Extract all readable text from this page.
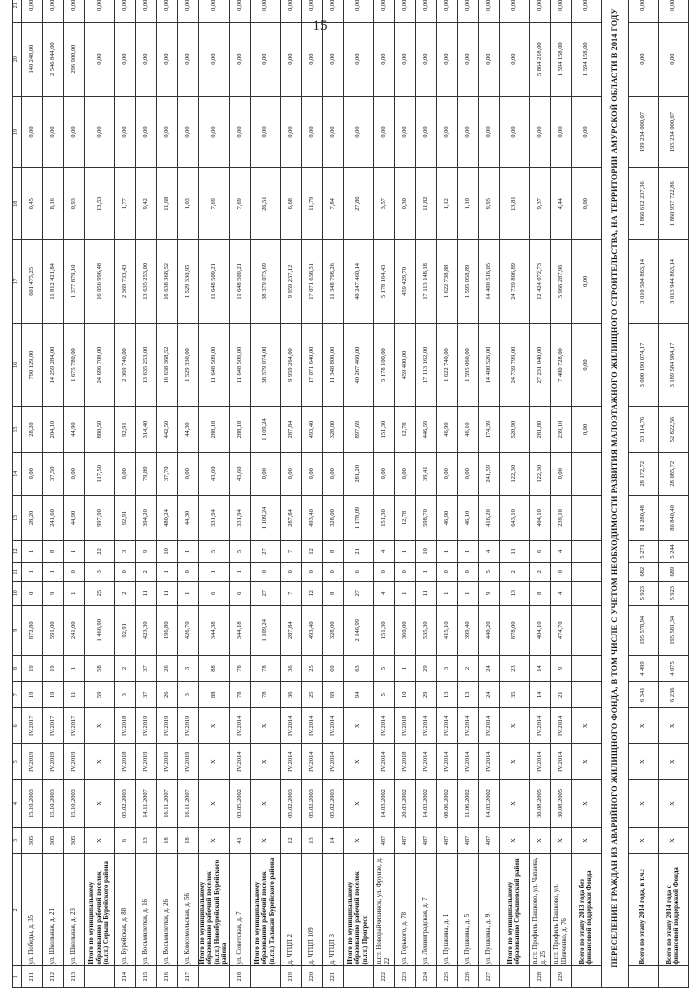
15
1	2	3	4	5	6	7	8	9	10	11	12	13	14	15	16	17	18	19	20	21
211	ул. Победы, д. 35	305	15.10.2003	IV.2019	IV.2017	19	19	872,80	0	1	1	28,20	0,00	28,20	790 129,00	601 475,25	0,45	0,00	140 248,00	0,00
212	ул. Школьная, д. 21	305	15.10.2003	IV.2019	IV.2017	19	19	591,00	9	1	8	241,60	37,50	204,10	14 259 284,00	11 812 421,84	8,16	0,00	2 546 844,00	0,00
213	ул. Школьная, д. 23	305	15.10.2003	IV.2019	IV.2017	11	1	241,00	1	0	1	44,90	0,00	44,90	1 675 780,00	1 377 879,10	0,93	0,00	296 900,00	0,00
	Итого по муниципальному образованию рабочий поселок (п.г.т.) Серыш Бурейского района	X	X	X	X	59	58	1 466,90	25	3	22	997,90	117,50	880,50	24 696 708,00	16 056 996,48	13,53	0,00	0,00	0,00
214	ул. Бурейская, д. 88	6	05.02.2003	IV.2018	IV.2018	3	2	92,91	2	0	3	92,91	0,00	92,91	2 369 740,00	2 369 733,43	1,77	0,00	0,00	0,00
215	ул. Восьмилетки, д. 16	13	14.11.2007	IV.2019	IV.2019	37	37	423,30	11	2	9	394,20	79,80	314,40	13 635 253,00	13 635 253,00	9,42	0,00	0,00	0,00
216	ул. Восьмилетки, д. 26	18	16.11.2007	IV.2019	IV.2019	26	26	196,80	11	1	10	480,24	37,70	442,50	16 638 368,52	16 638 368,52	11,68	0,00	0,00	0,00
217	ул. Комсомольская, д. 56	18	16.11.2007	IV.2019	IV.2019	3	3	426,70	1	0	1	44,30	0,00	44,30	1 529 330,00	1 529 330,95	1,03	0,00	0,00	0,00
	Итого по муниципальному образованию рабочий поселок (п.г.т.) Новобурейский Бурейского района	X	X	X	X	88	88	344,38	6	1	5	331,94	43,60	288,18	11 648 509,00	11 648 509,21	7,69	0,00	0,00	0,00
218	ул. Советская, д. 7	41	03.05.2002	IV.2014	IV.2014	78	78	344,18	6	1	5	331,94	43,60	288,18	11 648 509,00	11 648 509,21	7,69	0,00	0,00	0,00
	Итого по муниципальному образованию рабочий поселок (п.г.т.) Талакан Бурейского района	X	X	X	X	78	78	1 109,24	27	0	27	1 109,24	0,00	1 109,24	38 379 074,00	38 379 073,69	26,51	0,00	0,00	0,00
219	д. ЧТЦП 2	12	05.02.2003	IV.2014	IV.2014	36	36	287,84	7	0	7	287,84	0,00	287,84	9 959 264,00	9 959 237,12	6,68	0,00	0,00	0,00
220	д. ЧТЦП 109	13	05.02.2003	IV.2014	IV.2014	25	25	493,40	12	0	12	493,40	0,00	493,40	17 071 640,00	17 071 638,51	11,79	0,00	0,00	0,00
221	д. ЧТЦП 3	14	05.02.2003	IV.2014	IV.2014	69	69	328,00	8	0	8	328,00	0,00	328,00	11 348 800,00	11 348 798,26	7,84	0,00	0,00	0,00
	Итого по муниципальному образованию рабочий поселок (п.г.т.) Прогресс	X	X	X	X	94	63	2 146,99	27	6	21	1 178,09	281,20	897,69	40 267 460,00	40 247 460,14	27,86	0,00	0,00	0,00
222	п.г.т. Новорайчихинск, ул. Фрунзе, д. 22	487	14.03.2002	IV.2014	IV.2014	5	5	151,30	4	0	4	151,30	0,00	151,30	5 178 100,00	5 178 164,43	3,57	0,00	0,00	0,00
223	ул. Горького, д. 78	487	20.03.2002	IV.2018	IV.2018	10	1	360,00	1	0	1	12,78	0,00	12,78	459 400,00	459 429,70	0,30	0,00	0,00	0,00
224	ул. Ленинградская, д. 7	487	14.03.2002	IV.2014	IV.2014	29	29	535,30	11	1	10	598,70	39,41	446,59	17 113 162,00	17 113 148,18	11,82	0,00	0,00	0,00
225	ул. Пушкина, д. 1	487	08.06.2002	IV.2014	IV.2014	13	3	415,10	1	0	1	46,90	0,00	46,90	1 622 740,00	1 622 738,88	1,12	0,00	0,00	0,00
226	ул. Пушкина, д. 5	487	11.06.2002	IV.2014	IV.2014	13	2	399,40	1	0	1	46,10	0,00	46,10	1 595 060,00	1 595 058,89	1,10	0,00	0,00	0,00
227	ул. Пушкина, д. 9	487	14.03.2002	IV.2014	IV.2014	24	24	440,20	9	5	4	416,20	241,59	174,39	14 400 526,00	14 400 516,05	9,95	0,00	0,00	0,00
	Итого по муниципальному образованию Серышевский район	X	X	X	X	35	23	878,00	13	2	11	643,10	122,30	520,90	24 739 799,00	24 739 806,89	13,81	0,00	0,00	0,00
228	п.г.т. Профиль Пашково, ул. Чапаева, д. 25	X	30.08.2005	IV.2014	IV.2014	14	14	404,10	8	2	6	404,10	122,30	281,80	27 231 040,00	12 424 072,73	9,37	0,00	5 864 218,00	0,00
229	п.г.т. Профиль Пашково, ул. Шевченко, д. 76	X	30.08.2005	IV.2014	IV.2014	21	9	474,70	4	0	4	239,10	0,00	239,10	7 400 728,00	5 966 287,96	4,44	0,00	1 594 158,00	0,00
	Всего по этапу 2013 года без финансовой поддержки Фонда	X	X	X	X									0,00	0,00	0,00	0,00	0,00	1 594 158,00	0,00
ПЕРЕСЕЛЕНИЕ ГРАЖДАН ИЗ АВАРИЙНОГО ЖИЛИЩНОГО ФОНДА, В ТОМ ЧИСЛЕ С УЧЕТОМ НЕОБХОДИМОСТИ РАЗВИТИЯ МАЛОЭТАЖНОГО ЖИЛИЩНОГО СТРОИТЕЛЬСТВА, НА ТЕРРИТОРИИ АМУРСКОЙ ОБЛАСТИ В 2014 ГОДУ																				
	Всего по этапу 2014 года, в т.ч.:	X	X	X	X	6 341	4 499	195 578,94	5 923	682	5 271	81 280,48	28 172,72	53 114,76	3 000 190 074,17	3 010 504 863,14	1 866 612 237,36	199 234 000,07	0,00	0,00
	Всего по этапу 2014 года с финансовой поддержкой Фонда	X	X	X	X	6 236	4 075	195 581,34	5 923	689	5 244	80 840,40	28 085,72	52 822,56	3 189 584 984,17	3 013 944 863,14	1 860 957 722,86	195 234 000,07	0,00	0,00
